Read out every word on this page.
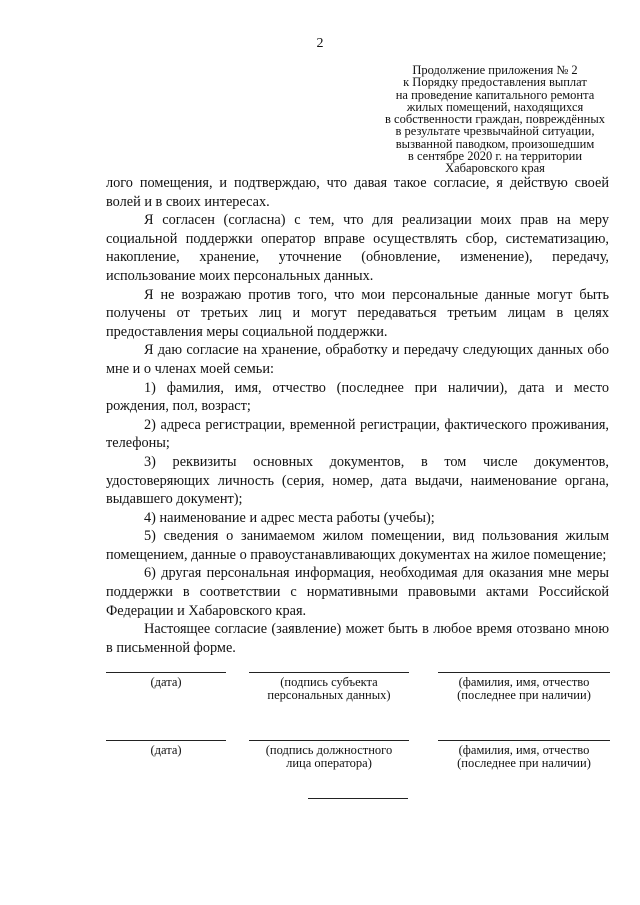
2
Продолжение приложения № 2
к Порядку предоставления выплат
на проведение капитального ремонта
жилых помещений, находящихся
в собственности граждан, повреждённых
в результате чрезвычайной ситуации,
вызванной паводком, произошедшим
в сентябре 2020 г. на территории
Хабаровского края

лого помещения, и подтверждаю, что давая такое согласие, я действую своей волей и в своих интересах.

Я согласен (согласна) с тем, что для реализации моих прав на меру социальной поддержки оператор вправе осуществлять сбор, систематизацию, накопление, хранение, уточнение (обновление, изменение), передачу, использование моих персональных данных.

Я не возражаю против того, что мои персональные данные могут быть получены от третьих лиц и могут передаваться третьим лицам в целях предоставления меры социальной поддержки.

Я даю согласие на хранение, обработку и передачу следующих данных обо мне и о членах моей семьи:

1) фамилия, имя, отчество (последнее при наличии), дата и место рождения, пол, возраст;

2) адреса регистрации, временной регистрации, фактического проживания, телефоны;

3) реквизиты основных документов, в том числе документов, удостоверяющих личность (серия, номер, дата выдачи, наименование органа, выдавшего документ);

4) наименование и адрес места работы (учебы);

5) сведения о занимаемом жилом помещении, вид пользования жилым помещением, данные о правоустанавливающих документах на жилое помещение;

6) другая персональная информация, необходимая для оказания мне меры поддержки в соответствии с нормативными правовыми актами Российской Федерации и Хабаровского края.

Настоящее согласие (заявление) может быть в любое время отозвано мною в письменной форме.

(дата)	(подпись субъекта
персональных данных)
(фамилия, имя, отчество
(последнее при наличии)
(дата)	(подпись должностного
лица оператора)
(фамилия, имя, отчество
(последнее при наличии)
